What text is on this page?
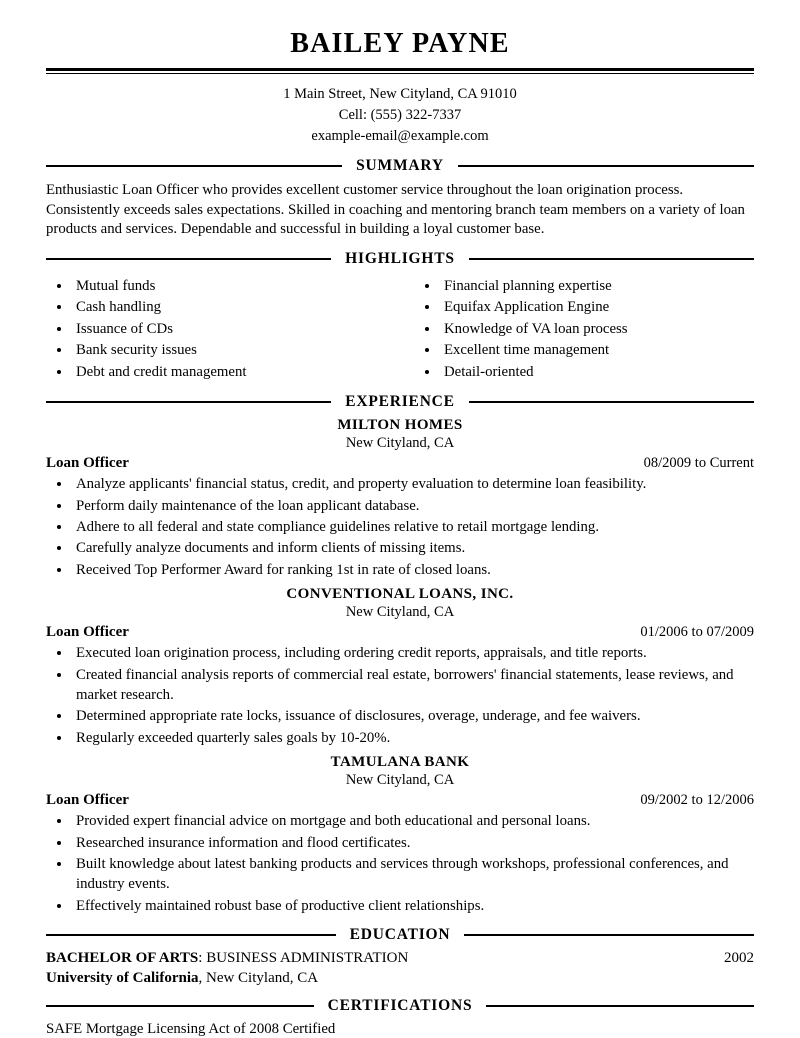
BAILEY PAYNE
1 Main Street, New Cityland, CA 91010
Cell: (555) 322-7337
example-email@example.com
SUMMARY
Enthusiastic Loan Officer who provides excellent customer service throughout the loan origination process. Consistently exceeds sales expectations. Skilled in coaching and mentoring branch team members on a variety of loan products and services. Dependable and successful in building a loyal customer base.
HIGHLIGHTS
• Mutual funds
• Cash handling
• Issuance of CDs
• Bank security issues
• Debt and credit management
• Financial planning expertise
• Equifax Application Engine
• Knowledge of VA loan process
• Excellent time management
• Detail-oriented
EXPERIENCE
MILTON HOMES
New Cityland, CA
Loan Officer	08/2009 to Current
• Analyze applicants' financial status, credit, and property evaluation to determine loan feasibility.
• Perform daily maintenance of the loan applicant database.
• Adhere to all federal and state compliance guidelines relative to retail mortgage lending.
• Carefully analyze documents and inform clients of missing items.
• Received Top Performer Award for ranking 1st in rate of closed loans.
CONVENTIONAL LOANS, INC.
New Cityland, CA
Loan Officer	01/2006 to 07/2009
• Executed loan origination process, including ordering credit reports, appraisals, and title reports.
• Created financial analysis reports of commercial real estate, borrowers' financial statements, lease reviews, and market research.
• Determined appropriate rate locks, issuance of disclosures, overage, underage, and fee waivers.
• Regularly exceeded quarterly sales goals by 10-20%.
TAMULANA BANK
New Cityland, CA
Loan Officer	09/2002 to 12/2006
• Provided expert financial advice on mortgage and both educational and personal loans.
• Researched insurance information and flood certificates.
• Built knowledge about latest banking products and services through workshops, professional conferences, and industry events.
• Effectively maintained robust base of productive client relationships.
EDUCATION
BACHELOR OF ARTS: BUSINESS ADMINISTRATION	2002
University of California, New Cityland, CA
CERTIFICATIONS
SAFE Mortgage Licensing Act of 2008 Certified
